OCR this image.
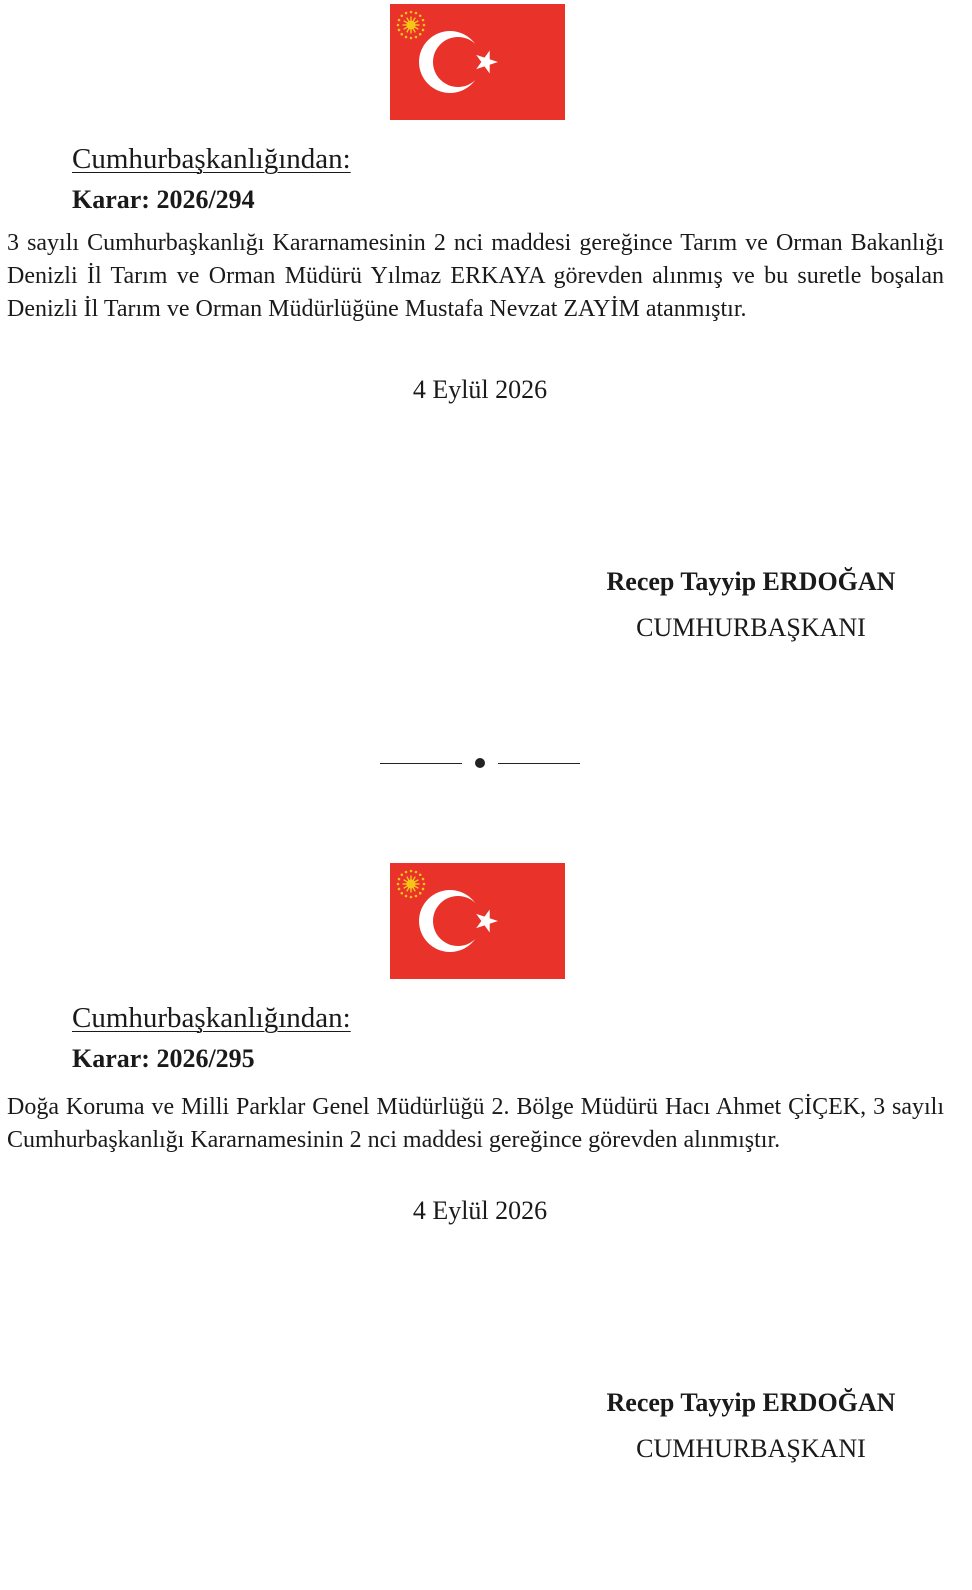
Cumhurbaşkanlığından:
Karar: 2026/294

3 sayılı Cumhurbaşkanlığı Kararnamesinin 2 nci maddesi gereğince Tarım ve Orman Bakanlığı Denizli İl Tarım ve Orman Müdürü Yılmaz ERKAYA görevden alınmış ve bu suretle boşalan Denizli İl Tarım ve Orman Müdürlüğüne Mustafa Nevzat ZAYİM atanmıştır.

4 Eylül 2026
Recep Tayyip ERDOĞAN
CUMHURBAŞKANI
Cumhurbaşkanlığından:
Karar: 2026/295

Doğa Koruma ve Milli Parklar Genel Müdürlüğü 2. Bölge Müdürü Hacı Ahmet ÇİÇEK, 3 sayılı Cumhurbaşkanlığı Kararnamesinin 2 nci maddesi gereğince görevden alınmıştır.

4 Eylül 2026
Recep Tayyip ERDOĞAN
CUMHURBAŞKANI
